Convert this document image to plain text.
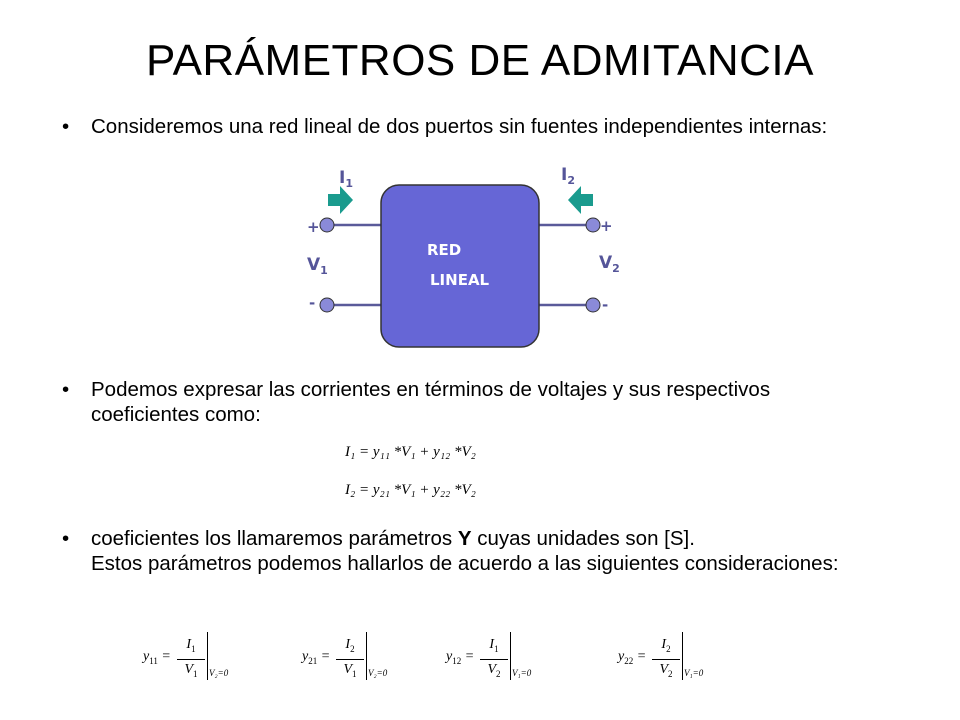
PARÁMETROS DE ADMITANCIA
• Consideremos una red lineal de dos puertos sin fuentes independientes internas:
RED
LINEAL
$I_1$	$I_2$
$V_1$	$V_2$
+
-
+
-
• Podemos expresar las corrientes en términos de voltajes y sus respectivos coeficientes como:
I₁ = y₁₁ *V₁ + y₁₂ *V₂
I₂ = y₂₁ *V₁ + y₂₂ *V₂
• coeficientes los llamaremos parámetros Y cuyas unidades son [S].
Estos parámetros podemos hallarlos de acuerdo a las siguientes consideraciones:
$y_{11}$ =
$I_1$
$V_1$	V₂=0
$y_{21}$ =
$I_2$
$V_1$	V₂=0
$y_{12}$ =
$I_1$
$V_2$	V₁=0
$y_{22}$ =
$I_2$
$V_2$	V₁=0
